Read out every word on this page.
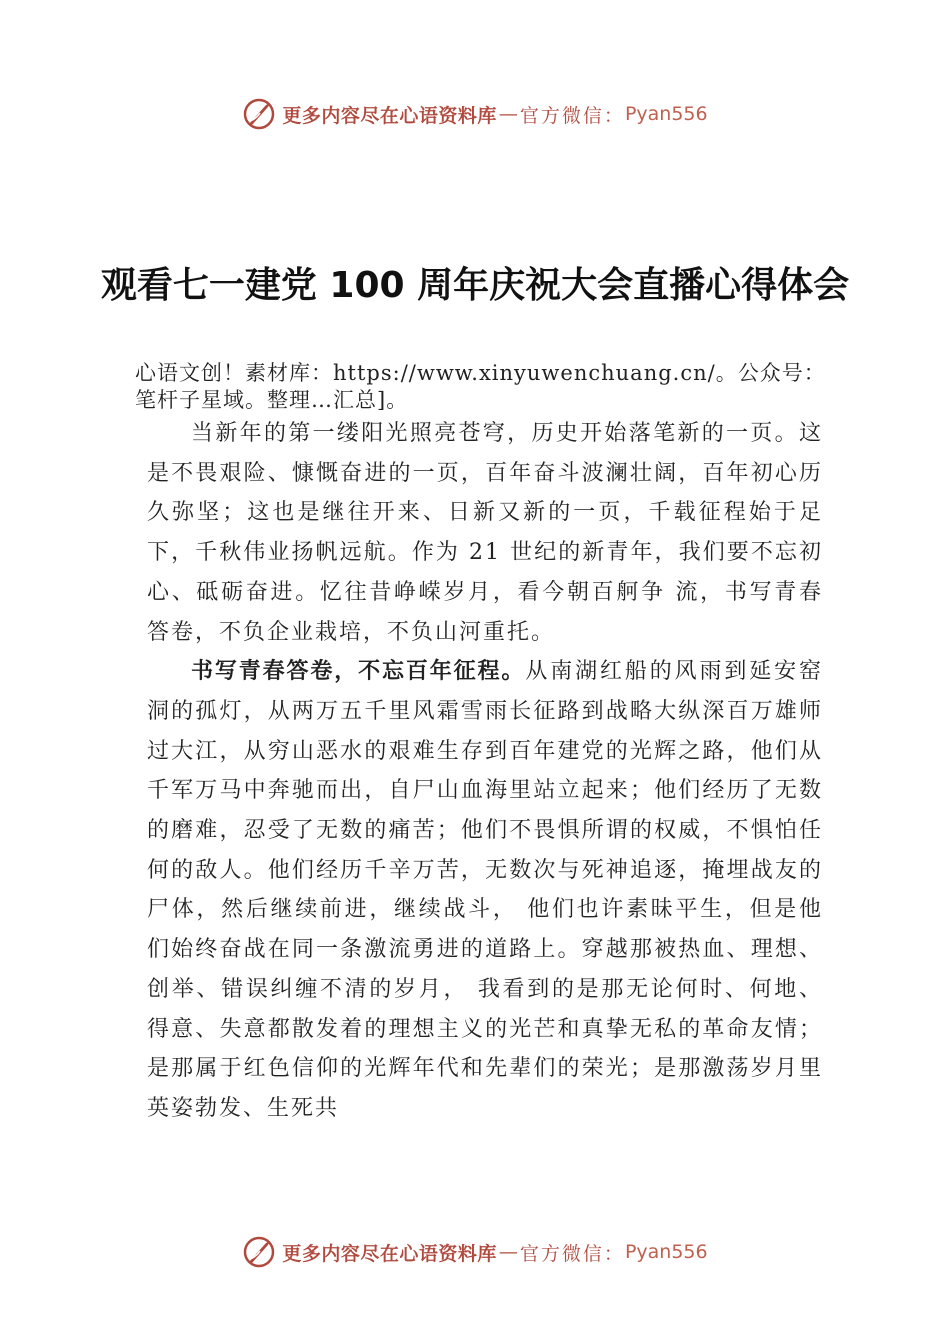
更多内容尽在心语资料库 — 官方微信： Pyan556
观看七一建党 100 周年庆祝大会直播心得体会
心语文创！素材库：https://www.xinyuwenchuang.cn/。公众号：笔杆子星域。整理…汇总]。

当新年的第一缕阳光照亮苍穹，历史开始落笔新的一页。这是不畏艰险、慷慨奋进的一页，百年奋斗波澜壮阔，百年初心历久弥坚；这也是继往开来、日新又新的一页，千载征程始于足下，千秋伟业扬帆远航。作为 21 世纪的新青年，我们要不忘初心、砥砺奋进。忆往昔峥嵘岁月，看今朝百舸争 流，书写青春答卷，不负企业栽培，不负山河重托。

书写青春答卷，不忘百年征程。从南湖红船的风雨到延安窑洞的孤灯，从两万五千里风霜雪雨长征路到战略大纵深百万雄师过大江，从穷山恶水的艰难生存到百年建党的光辉之路，他们从千军万马中奔驰而出，自尸山血海里站立起来；他们经历了无数的磨难，忍受了无数的痛苦；他们不畏惧所谓的权威，不惧怕任何的敌人。他们经历千辛万苦，无数次与死神追逐，掩埋战友的尸体，然后继续前进，继续战斗， 他们也许素昧平生，但是他们始终奋战在同一条激流勇进的道路上。穿越那被热血、理想、创举、错误纠缠不清的岁月， 我看到的是那无论何时、何地、得意、失意都散发着的理想主义的光芒和真挚无私的革命友情；是那属于红色信仰的光辉年代和先辈们的荣光；是那激荡岁月里英姿勃发、生死共

更多内容尽在心语资料库 — 官方微信： Pyan556
